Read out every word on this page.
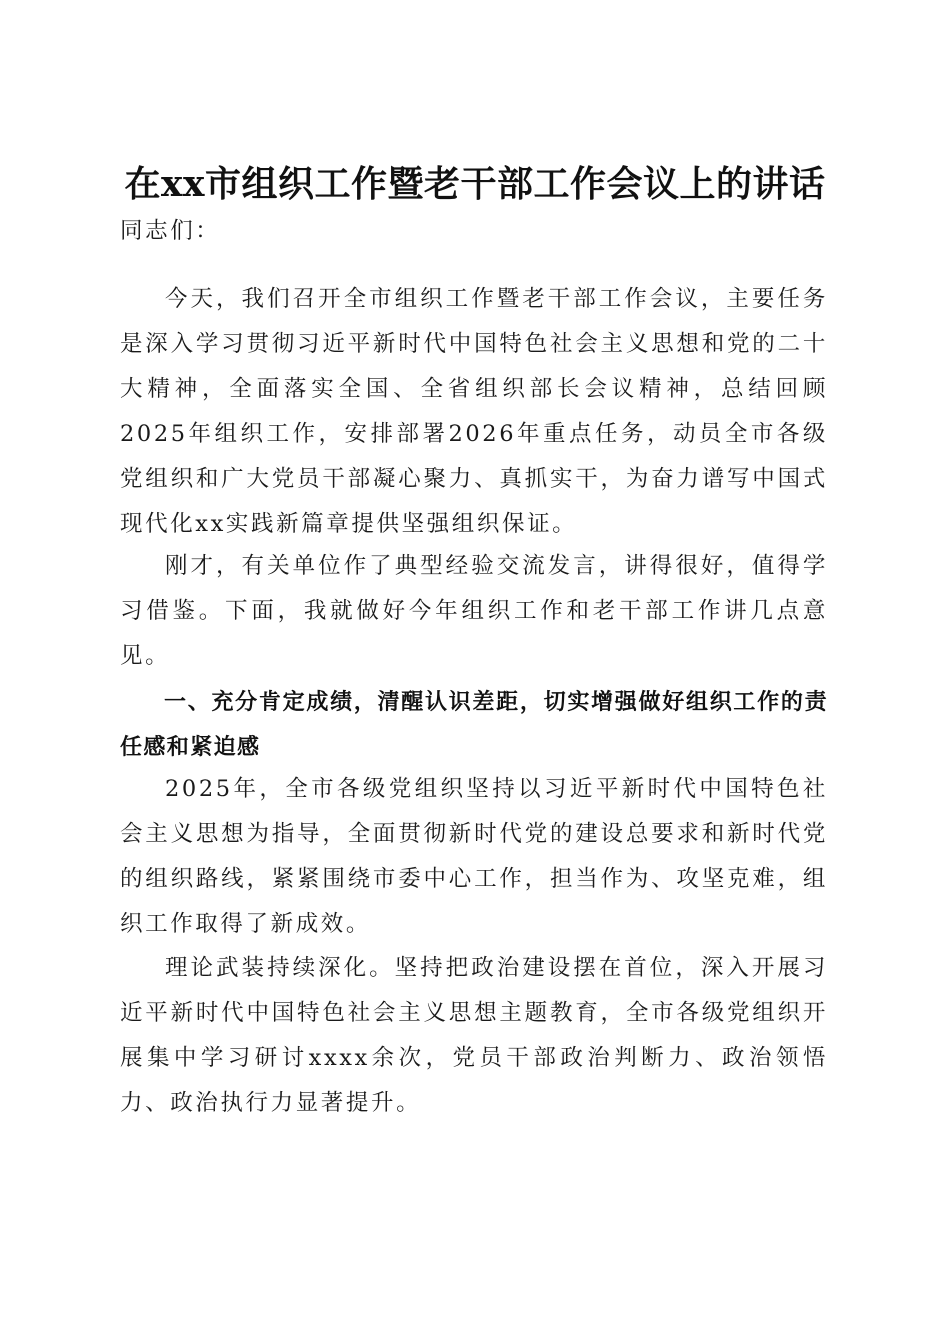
在xx市组织工作暨老干部工作会议上的讲话

同志们：

今天，我们召开全市组织工作暨老干部工作会议，主要任务是深入学习贯彻习近平新时代中国特色社会主义思想和党的二十大精神，全面落实全国、全省组织部长会议精神，总结回顾2025年组织工作，安排部署2026年重点任务，动员全市各级党组织和广大党员干部凝心聚力、真抓实干，为奋力谱写中国式现代化xx实践新篇章提供坚强组织保证。

刚才，有关单位作了典型经验交流发言，讲得很好，值得学习借鉴。下面，我就做好今年组织工作和老干部工作讲几点意见。

一、充分肯定成绩，清醒认识差距，切实增强做好组织工作的责任感和紧迫感

2025年，全市各级党组织坚持以习近平新时代中国特色社会主义思想为指导，全面贯彻新时代党的建设总要求和新时代党的组织路线，紧紧围绕市委中心工作，担当作为、攻坚克难，组织工作取得了新成效。

理论武装持续深化。坚持把政治建设摆在首位，深入开展习近平新时代中国特色社会主义思想主题教育，全市各级党组织开展集中学习研讨xxxx余次，党员干部政治判断力、政治领悟力、政治执行力显著提升。
